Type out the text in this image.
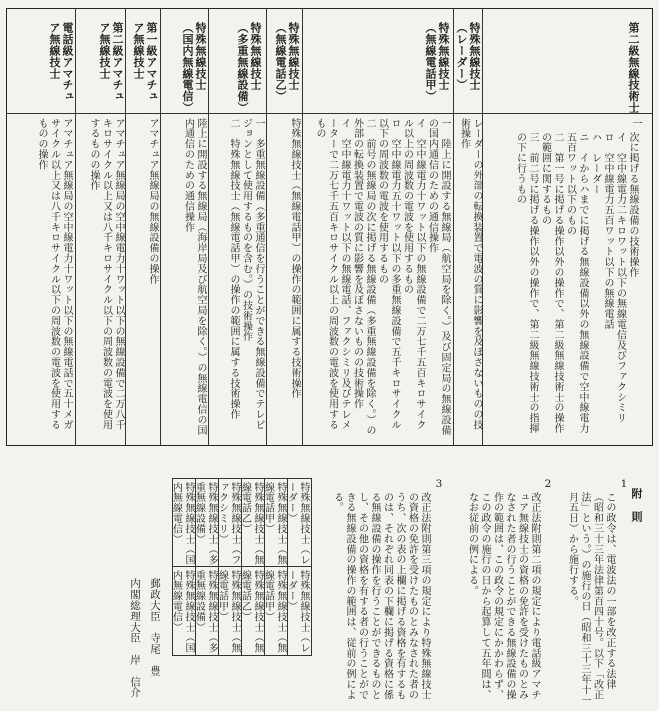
第二級無線技術士
一
次に掲げる無線設備の技術操作
イ　空中線電力二キロワット以下の無線電信及びファクシミリ
ロ　空中線電力五百ワット以下の無線電話
ハ　レーダー
ニ　イからハまでに掲げる無線設備以外の無線設備で空中線電力五百ワット以下のもの
二　第一号に掲げる操作以外の操作で、第二級無線技術士の操作の範囲に関するもの
三　前二号に掲げる操作以外の操作で、第二級無線技術士の指揮の下に行うもの
特殊無線技士（レーダー）
レーダーの外部の転換装置で電波の質に影響を及ぼさないものの技術操作
特殊無線技士（無線電話甲）
一　陸上に開設する無線局（航空局を除く。）及び固定局の無線設備の国内通信のための通信操作
イ　空中線電力十ワット以下の無線設備で二万七千五百キロサイクル以上の周波数の電波を使用するもの
ロ　空中線電力五十ワット以下の多重無線設備で五千キロサイクル以下の周波数の電波を使用するもの
二　前号の無線局の次に掲げる無線設備（多重無線設備を除く。）の外部の転換装置で電波の質に影響を及ぼさないものの技術操作
イ　空中線電力十ワット以下の無線電話、ファクシミリ及びテレメーターで二万七千五百キロサイクル以上の周波数の電波を使用するもの
特殊無線技士（無線電話乙）
特殊無線技士（無線電話甲）の操作の範囲に属する技術操作
特殊無線技士（多重無線設備）
一　多重無線設備（多重通信を行うことができる無線設備でテレビジョンとして使用するものを含む。）の技術操作
二　特殊無線技士（無線電話甲）の操作の範囲に属する技術操作
特殊無線技士（国内無線電信）
陸上に開設する無線局（海岸局及び航空局を除く。）の無線電信の国内通信のための通信操作
第一級アマチュア無線技士
アマチュア無線局の無線設備の操作
第二級アマチュア無線技士
アマチュア無線局の空中線電力十ワット以下の無線設備で二万八千キロサイクル以上又は八千キロサイクル以下の周波数の電波を使用するものの操作
電話級アマチュア無線技士
アマチュア無線局の空中線電力十ワット以下の無線電話で五十メガサイクル以上又は八千キロサイクル以下の周波数の電波を使用するものの操作
附　則
1
この政令は、電波法の一部を改正する法律（昭和三十三年法律第百四十号。以下「改正法」という。）の施行の日（昭和三十三年十一月五日）から施行する。
2
改正法附則第二項の規定により電話級アマチュア無線技士の資格の免許を受けたものとみなされた者の行うことができる無線設備の操作の範囲は、この政令の規定にかかわらず、この政令の施行の日から起算して五年間は、なお従前の例による。
3
改正法附則第三項の規定により特殊無線技士の資格の免許を受けたものとみなされた者のうち、次の表の上欄に掲げる資格を有するものは、それぞれ同表の下欄に掲げる資格に係る無線設備の操作を行うことができるものとし、その他の資格を有する者の行うことができる無線設備の操作の範囲は、従前の例による。
特殊無線技士（レーダー）
特殊無線技士（レーダー）
特殊無線技士（無線電話甲）
特殊無線技士（無線電話甲）
特殊無線技士（無線電話乙）
特殊無線技士（無線電話乙）
特殊無線技士（ファクシミリ）
特殊無線技士（無線電話甲）
特殊無線技士（多重無線設備）
特殊無線技士（多重無線設備）
特殊無線技士（国内無線電信）
特殊無線技士（国内無線電信）
郵政大臣　寺尾　豊
内閣総理大臣　岸　信介
